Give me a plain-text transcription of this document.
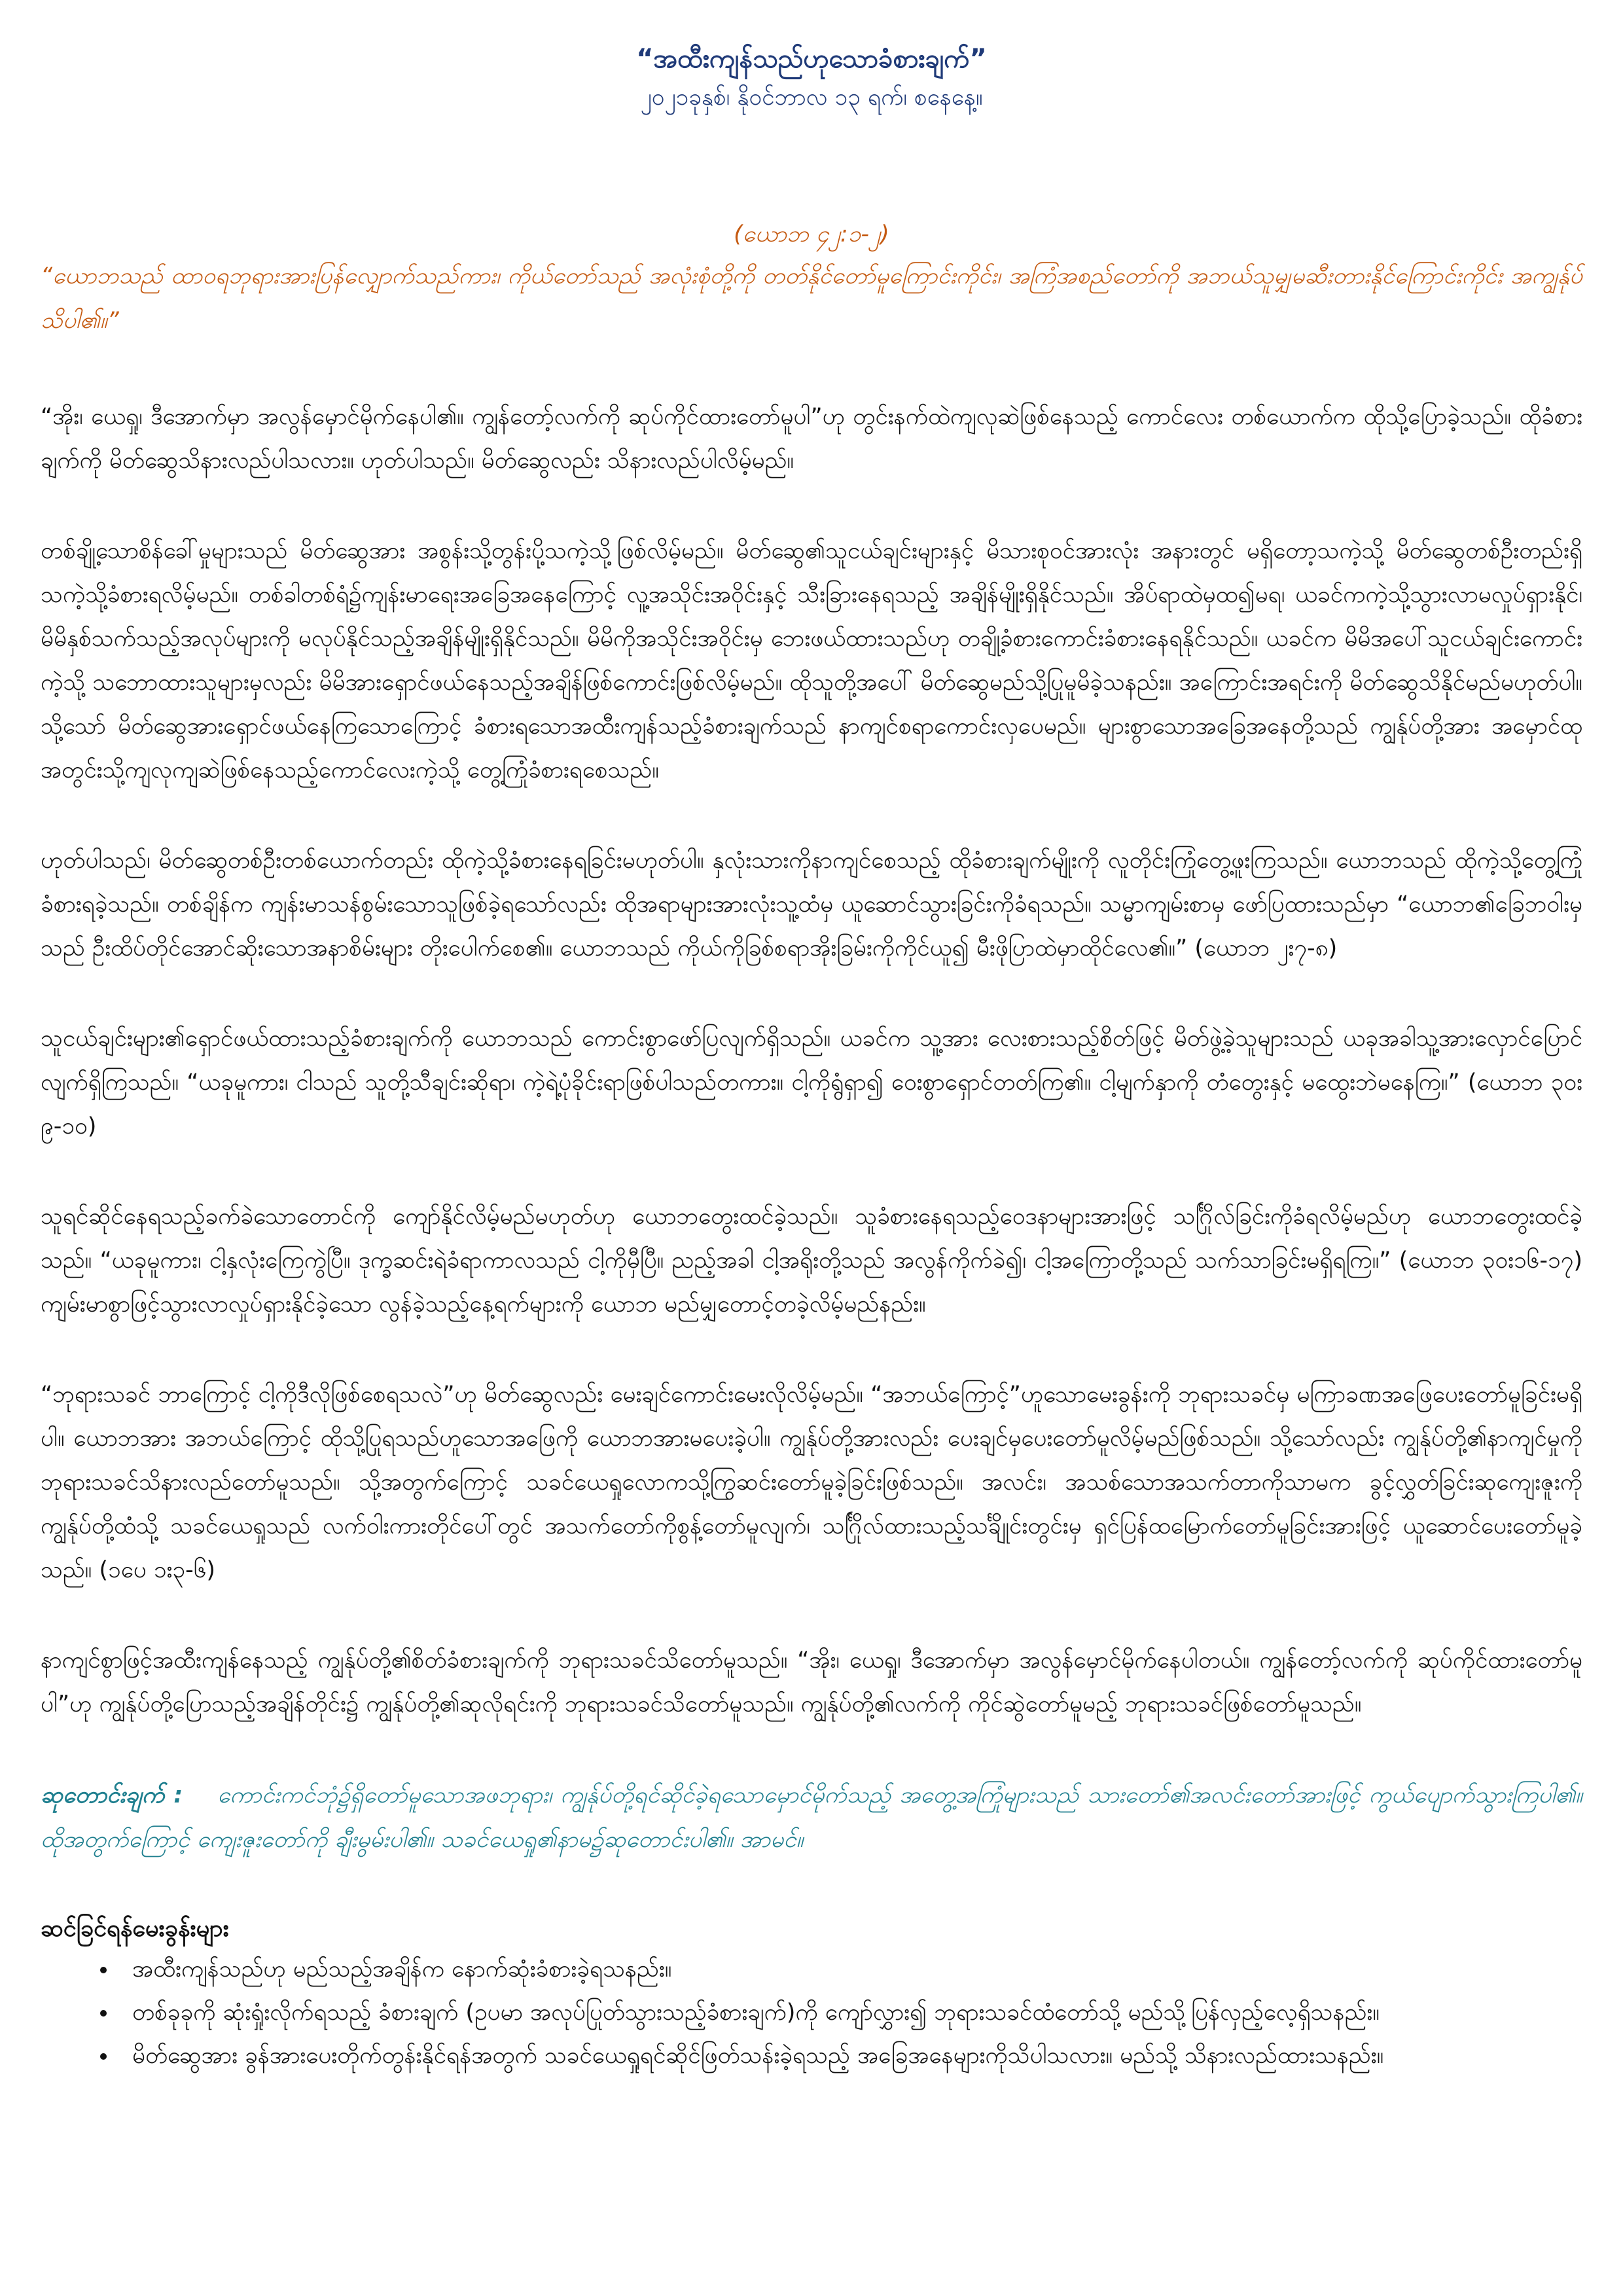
“အထီးကျန်သည်ဟုသောခံစားချက်”
၂၀၂၁ခုနှစ်၊ နိုဝင်ဘာလ ၁၃ ရက်၊ စနေနေ့။
(ယောဘ ၄၂:၁-၂)
“ယောဘသည် ထာဝရဘုရားအားပြန်လျှောက်သည်ကား၊ ကိုယ်တော်သည် အလုံးစုံတို့ကို တတ်နိုင်တော်မူကြောင်းကိုင်း၊ အကြံအစည်တော်ကို အဘယ်သူမျှမဆီးတားနိုင်ကြောင်းကိုင်း အကျွန်ုပ်သိပါ၏။”

“အိုး၊ ယေရှု၊ ဒီအောက်မှာ အလွန်မှောင်မိုက်နေပါ၏။ ကျွန်တော့်လက်ကို ဆုပ်ကိုင်ထားတော်မူပါ”ဟု တွင်းနက်ထဲကျလုဆဲဖြစ်နေသည့် ကောင်လေး တစ်ယောက်က ထိုသို့ပြောခဲ့သည်။ ထိုခံစားချက်ကို မိတ်ဆွေသိနားလည်ပါသလား။ ဟုတ်ပါသည်။ မိတ်ဆွေလည်း သိနားလည်ပါလိမ့်မည်။

တစ်ချို့သောစိန်ခေါ်မှုများသည် မိတ်ဆွေအား အစွန်းသို့တွန်းပို့သကဲ့သို့ဖြစ်လိမ့်မည်။ မိတ်ဆွေ၏သူငယ်ချင်းများနှင့် မိသားစုဝင်အားလုံး အနားတွင် မရှိတော့သကဲ့သို့ မိတ်ဆွေတစ်ဦးတည်းရှိသကဲ့သို့ခံစားရလိမ့်မည်။ တစ်ခါတစ်ရံ၌ကျန်းမာရေးအခြေအနေကြောင့် လူ့အသိုင်းအဝိုင်းနှင့် သီးခြားနေရသည့် အချိန်မျိုးရှိနိုင်သည်။ အိပ်ရာထဲမှထ၍မရ၊ ယခင်ကကဲ့သို့သွားလာမလှုပ်ရှားနိုင်၊ မိမိနှစ်သက်သည့်အလုပ်များကို မလုပ်နိုင်သည့်အချိန်မျိုးရှိနိုင်သည်။ မိမိကိုအသိုင်းအဝိုင်းမှ ဘေးဖယ်ထားသည်ဟု တချို့ခံစားကောင်းခံစားနေရနိုင်သည်။ ယခင်က မိမိအပေါ်သူငယ်ချင်းကောင်းကဲ့သို့ သဘောထားသူများမှလည်း မိမိအားရှောင်ဖယ်နေသည့်အချိန်ဖြစ်ကောင်းဖြစ်လိမ့်မည်။ ထိုသူတို့အပေါ် မိတ်ဆွေမည်သို့ပြုမူမိခဲ့သနည်း။ အကြောင်းအရင်းကို မိတ်ဆွေသိနိုင်မည်မဟုတ်ပါ။ သို့သော် မိတ်ဆွေအားရှောင်ဖယ်နေကြသောကြောင့် ခံစားရသောအထီးကျန်သည့်ခံစားချက်သည် နာကျင်စရာကောင်းလှပေမည်။ များစွာသောအခြေအနေတို့သည် ကျွန်ုပ်တို့အား အမှောင်ထုအတွင်းသို့ကျလုကျဆဲဖြစ်နေသည့်ကောင်လေးကဲ့သို့ တွေ့ကြုံခံစားရစေသည်။

ဟုတ်ပါသည်၊ မိတ်ဆွေတစ်ဦးတစ်ယောက်တည်း ထိုကဲ့သို့ခံစားနေရခြင်းမဟုတ်ပါ။ နှလုံးသားကိုနာကျင်စေသည့် ထိုခံစားချက်မျိုးကို လူတိုင်းကြုံတွေ့ဖူးကြသည်။ ယောဘသည် ထိုကဲ့သို့တွေ့ကြုံခံစားရခဲ့သည်။ တစ်ချိန်က ကျန်းမာသန်စွမ်းသောသူဖြစ်ခဲ့ရသော်လည်း ထိုအရာများအားလုံးသူ့ထံမှ ယူဆောင်သွားခြင်းကိုခံရသည်။ သမ္မာကျမ်းစာမှ ဖော်ပြထားသည်မှာ “ယောဘ၏ခြေဘဝါးမှသည် ဦးထိပ်တိုင်အောင်ဆိုးသောအနာစိမ်းများ တိုးပေါက်စေ၏။ ယောဘသည် ကိုယ်ကိုခြစ်စရာအိုးခြမ်းကိုကိုင်ယူ၍ မီးဖိုပြာထဲမှာထိုင်လေ၏။” (ယောဘ ၂း၇-၈)

သူငယ်ချင်းများ၏ရှောင်ဖယ်ထားသည့်ခံစားချက်ကို ယောဘသည် ကောင်းစွာဖော်ပြလျက်ရှိသည်။ ယခင်က သူ့အား လေးစားသည့်စိတ်ဖြင့် မိတ်ဖွဲ့ခဲ့သူများသည် ယခုအခါသူ့အားလှောင်ပြောင်လျက်ရှိကြသည်။ “ယခုမူကား၊ ငါသည် သူတို့သီချင်းဆိုရာ၊ ကဲ့ရဲ့ပုံခိုင်းရာဖြစ်ပါသည်တကား။ ငါ့ကိုရွံရှာ၍ ဝေးစွာရှောင်တတ်ကြ၏။ ငါ့မျက်နှာကို တံတွေးနှင့် မထွေးဘဲမနေကြ။” (ယောဘ ၃၀း ၉-၁၀)

သူရင်ဆိုင်နေရသည့်ခက်ခဲသောတောင်ကို ကျော်နိုင်လိမ့်မည်မဟုတ်ဟု ယောဘတွေးထင်ခဲ့သည်။ သူခံစားနေရသည့်ဝေဒနာများအားဖြင့် သင်္ဂြိုလ်ခြင်းကိုခံရလိမ့်မည်ဟု ယောဘတွေးထင်ခဲ့သည်။ “ယခုမူကား၊ ငါ့နှလုံးကြေကွဲပြီ။ ဒုက္ခဆင်းရဲခံရာကာလသည် ငါ့ကိုမှီပြီ။ ညည့်အခါ ငါ့အရိုးတို့သည် အလွန်ကိုက်ခဲ၍၊ ငါ့အကြောတို့သည် သက်သာခြင်းမရှိရကြ။” (ယောဘ ၃၀း၁၆-၁၇) ကျမ်းမာစွာဖြင့်သွားလာလှုပ်ရှားနိုင်ခဲ့သော လွန်ခဲ့သည့်နေ့ရက်များကို ယောဘ မည်မျှတောင့်တခဲ့လိမ့်မည်နည်း။

“ဘုရားသခင် ဘာကြောင့် ငါ့ကိုဒီလိုဖြစ်စေရသလဲ”ဟု မိတ်ဆွေလည်း မေးချင်ကောင်းမေးလိုလိမ့်မည်။ “အဘယ်ကြောင့်”ဟူသောမေးခွန်းကို ဘုရားသခင်မှ မကြာခဏအဖြေပေးတော်မူခြင်းမရှိပါ။ ယောဘအား အဘယ်ကြောင့် ထိုသို့ပြုရသည်ဟူသောအဖြေကို ယောဘအားမပေးခဲ့ပါ။ ကျွန်ုပ်တို့အားလည်း ပေးချင်မှပေးတော်မူလိမ့်မည်ဖြစ်သည်။ သို့သော်လည်း ကျွန်ုပ်တို့၏နာကျင်မှုကို ဘုရားသခင်သိနားလည်တော်မူသည်။ သို့အတွက်ကြောင့် သခင်ယေရှုလောကသို့ကြွဆင်းတော်မူခဲ့ခြင်းဖြစ်သည်။ အလင်း၊ အသစ်သောအသက်တာကိုသာမက ခွင့်လွှတ်ခြင်းဆုကျေးဇူးကို ကျွန်ုပ်တို့ထံသို့ သခင်ယေရှုသည် လက်ဝါးကားတိုင်ပေါ်တွင် အသက်တော်ကိုစွန့်တော်မူလျက်၊ သင်္ဂြိုလ်ထားသည့်သင်္ချိုင်းတွင်းမှ ရှင်ပြန်ထမြောက်တော်မူခြင်းအားဖြင့် ယူဆောင်ပေးတော်မူခဲ့သည်။ (၁ပေ ၁း၃-၆)

နာကျင်စွာဖြင့်အထီးကျန်နေသည့် ကျွန်ုပ်တို့၏စိတ်ခံစားချက်ကို ဘုရားသခင်သိတော်မူသည်။ “အိုး၊ ယေရှု၊ ဒီအောက်မှာ အလွန်မှောင်မိုက်နေပါတယ်။ ကျွန်တော့်လက်ကို ဆုပ်ကိုင်ထားတော်မူပါ”ဟု ကျွန်ုပ်တို့ပြောသည့်အချိန်တိုင်း၌ ကျွန်ုပ်တို့၏ဆုလိုရင်းကို ဘုရားသခင်သိတော်မူသည်။ ကျွန်ုပ်တို့၏လက်ကို ကိုင်ဆွဲတော်မူမည့် ဘုရားသခင်ဖြစ်တော်မူသည်။

ဆုတောင်းချက် : ကောင်းကင်ဘုံ၌ရှိတော်မူသောအဖဘုရား၊ ကျွန်ုပ်တို့ရင်ဆိုင်ခဲ့ရသောမှောင်မိုက်သည့် အတွေ့အကြုံများသည် သားတော်၏အလင်းတော်အားဖြင့် ကွယ်ပျောက်သွားကြပါ၏။ ထိုအတွက်ကြောင့် ကျေးဇူးတော်ကို ချီးမွမ်းပါ၏။ သခင်ယေရှု၏နာမ၌ဆုတောင်းပါ၏။ အာမင်။
ဆင်ခြင်ရန်မေးခွန်းများ
• အထီးကျန်သည်ဟု မည်သည့်အချိန်က နောက်ဆုံးခံစားခဲ့ရသနည်း။
• တစ်ခုခုကို ဆုံးရှုံးလိုက်ရသည့် ခံစားချက် (ဥပမာ အလုပ်ပြုတ်သွားသည့်ခံစားချက်)ကို ကျော်လွှား၍ ဘုရားသခင်ထံတော်သို့ မည်သို့ပြန်လှည့်လေ့ရှိသနည်း။
• မိတ်ဆွေအား ခွန်အားပေးတိုက်တွန်းနိုင်ရန်အတွက် သခင်ယေရှုရင်ဆိုင်ဖြတ်သန်းခဲ့ရသည့် အခြေအနေများကိုသိပါသလား။ မည်သို့ သိနားလည်ထားသနည်း။
